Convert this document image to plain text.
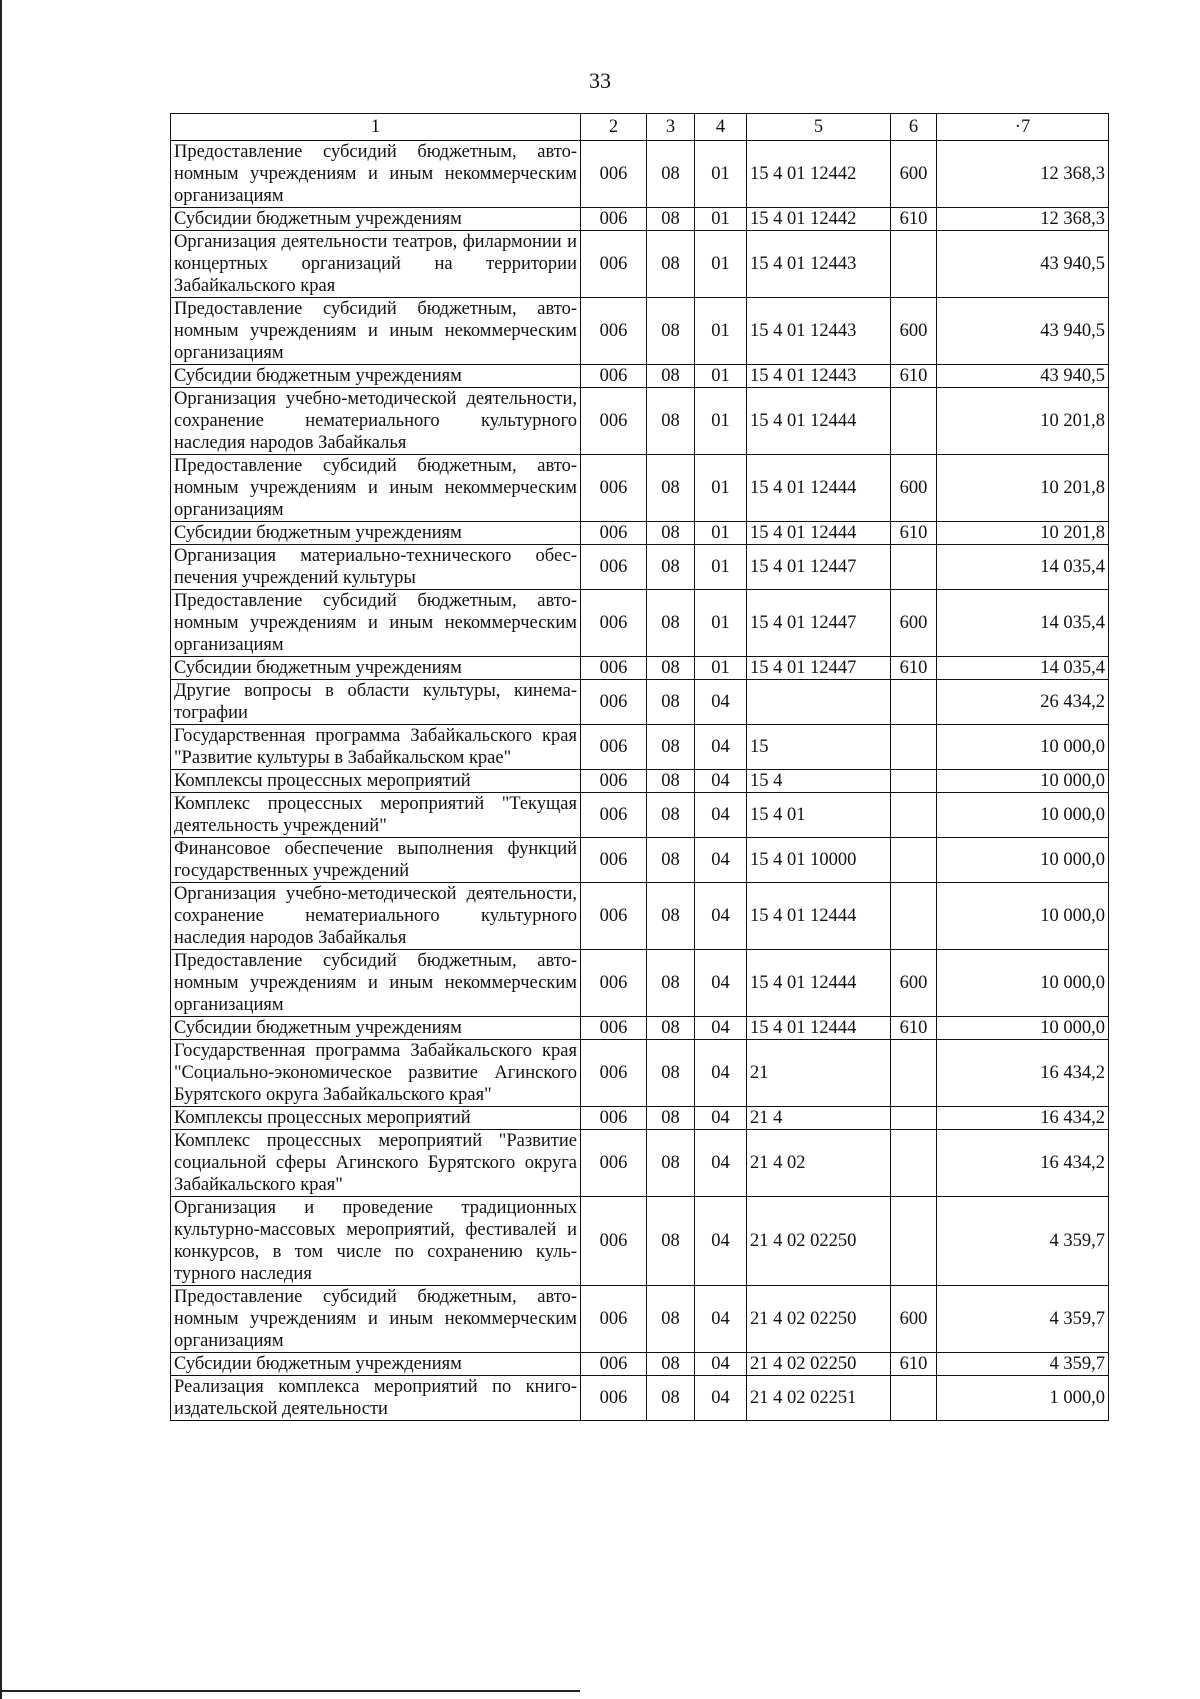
33
1	2	3	4	5	6	·7
Предоставление субсидий бюджетным, автономным учреждениям и иным некоммерческим организациям	006	08	01	15 4 01 12442	600	12 368,3
Субсидии бюджетным учреждениям	006	08	01	15 4 01 12442	610	12 368,3
Организация деятельности театров, филармонии и концертных организаций на территории Забайкальского края	006	08	01	15 4 01 12443		43 940,5
Предоставление субсидий бюджетным, автономным учреждениям и иным некоммерческим организациям	006	08	01	15 4 01 12443	600	43 940,5
Субсидии бюджетным учреждениям	006	08	01	15 4 01 12443	610	43 940,5
Организация учебно-методической деятельности, сохранение нематериального культурного наследия народов Забайкалья	006	08	01	15 4 01 12444		10 201,8
Предоставление субсидий бюджетным, автономным учреждениям и иным некоммерческим организациям	006	08	01	15 4 01 12444	600	10 201,8
Субсидии бюджетным учреждениям	006	08	01	15 4 01 12444	610	10 201,8
Организация материально-технического обеспечения учреждений культуры	006	08	01	15 4 01 12447		14 035,4
Предоставление субсидий бюджетным, автономным учреждениям и иным некоммерческим организациям	006	08	01	15 4 01 12447	600	14 035,4
Субсидии бюджетным учреждениям	006	08	01	15 4 01 12447	610	14 035,4
Другие вопросы в области культуры, кинематографии	006	08	04			26 434,2
Государственная программа Забайкальского края "Развитие культуры в Забайкальском крае"	006	08	04	15		10 000,0
Комплексы процессных мероприятий	006	08	04	15 4		10 000,0
Комплекс процессных мероприятий "Текущая деятельность учреждений"	006	08	04	15 4 01		10 000,0
Финансовое обеспечение выполнения функций государственных учреждений	006	08	04	15 4 01 10000		10 000,0
Организация учебно-методической деятельности, сохранение нематериального культурного наследия народов Забайкалья	006	08	04	15 4 01 12444		10 000,0
Предоставление субсидий бюджетным, автономным учреждениям и иным некоммерческим организациям	006	08	04	15 4 01 12444	600	10 000,0
Субсидии бюджетным учреждениям	006	08	04	15 4 01 12444	610	10 000,0
Государственная программа Забайкальского края "Социально-экономическое развитие Агинского Бурятского округа Забайкальского края"	006	08	04	21		16 434,2
Комплексы процессных мероприятий	006	08	04	21 4		16 434,2
Комплекс процессных мероприятий "Развитие социальной сферы Агинского Бурятского округа Забайкальского края"	006	08	04	21 4 02		16 434,2
Организация и проведение традиционных культурно-массовых мероприятий, фестивалей и конкурсов, в том числе по сохранению культурного наследия	006	08	04	21 4 02 02250		4 359,7
Предоставление субсидий бюджетным, автономным учреждениям и иным некоммерческим организациям	006	08	04	21 4 02 02250	600	4 359,7
Субсидии бюджетным учреждениям	006	08	04	21 4 02 02250	610	4 359,7
Реализация комплекса мероприятий по книгоиздательской деятельности	006	08	04	21 4 02 02251		1 000,0
